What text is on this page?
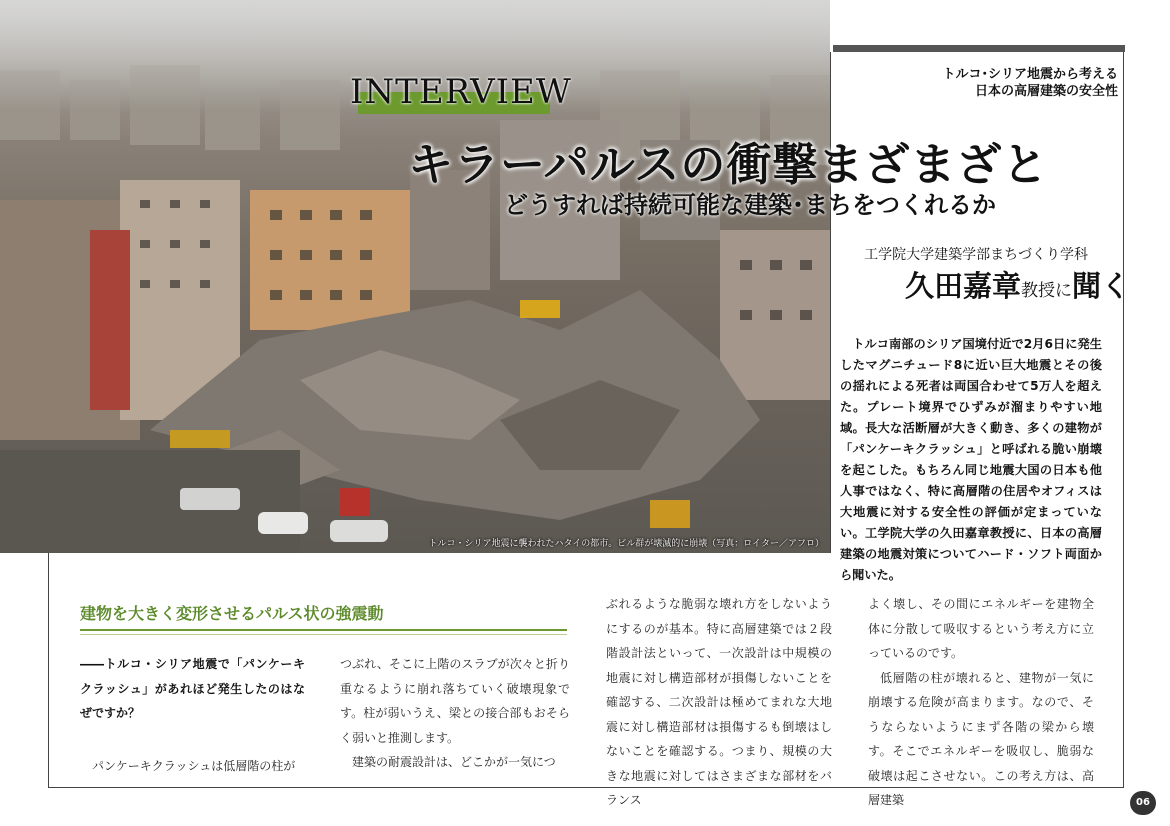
トルコ・シリア地震に襲われたハタイの都市。ビル群が壊滅的に崩壊（写真：ロイター／アフロ）
トルコ･シリア地震から考える
日本の高層建築の安全性
INTERVIEW
キラーパルスの衝撃まざまざと
どうすれば持続可能な建築･まちをつくれるか
工学院大学建築学部まちづくり学科
久田嘉章教授に聞く

トルコ南部のシリア国境付近で2月6日に発生したマグニチュード8に近い巨大地震とその後の揺れによる死者は両国合わせて5万人を超えた。プレート境界でひずみが溜まりやすい地域。長大な活断層が大きく動き、多くの建物が「パンケーキクラッシュ」と呼ばれる脆い崩壊を起こした。もちろん同じ地震大国の日本も他人事ではなく、特に高層階の住居やオフィスは大地震に対する安全性の評価が定まっていない。工学院大学の久田嘉章教授に、日本の高層建築の地震対策についてハード・ソフト両面から聞いた。

建物を大きく変形させるパルス状の強震動

――トルコ・シリア地震で「パンケーキクラッシュ」があれほど発生したのはなぜですか？

パンケーキクラッシュは低層階の柱が

つぶれ、そこに上階のスラブが次々と折り重なるように崩れ落ちていく破壊現象です。柱が弱いうえ、梁との接合部もおそらく弱いと推測します。

建築の耐震設計は、どこかが一気につ

ぶれるような脆弱な壊れ方をしないようにするのが基本。特に高層建築では２段階設計法といって、一次設計は中規模の地震に対し構造部材が損傷しないことを確認する、二次設計は極めてまれな大地震に対し構造部材は損傷するも倒壊はしないことを確認する。つまり、規模の大きな地震に対してはさまざまな部材をバランス

よく壊し、その間にエネルギーを建物全体に分散して吸収するという考え方に立っているのです。

低層階の柱が壊れると、建物が一気に崩壊する危険が高まります。なので、そうならないようにまず各階の梁から壊す。そこでエネルギーを吸収し、脆弱な破壊は起こさせない。この考え方は、高層建築	06
